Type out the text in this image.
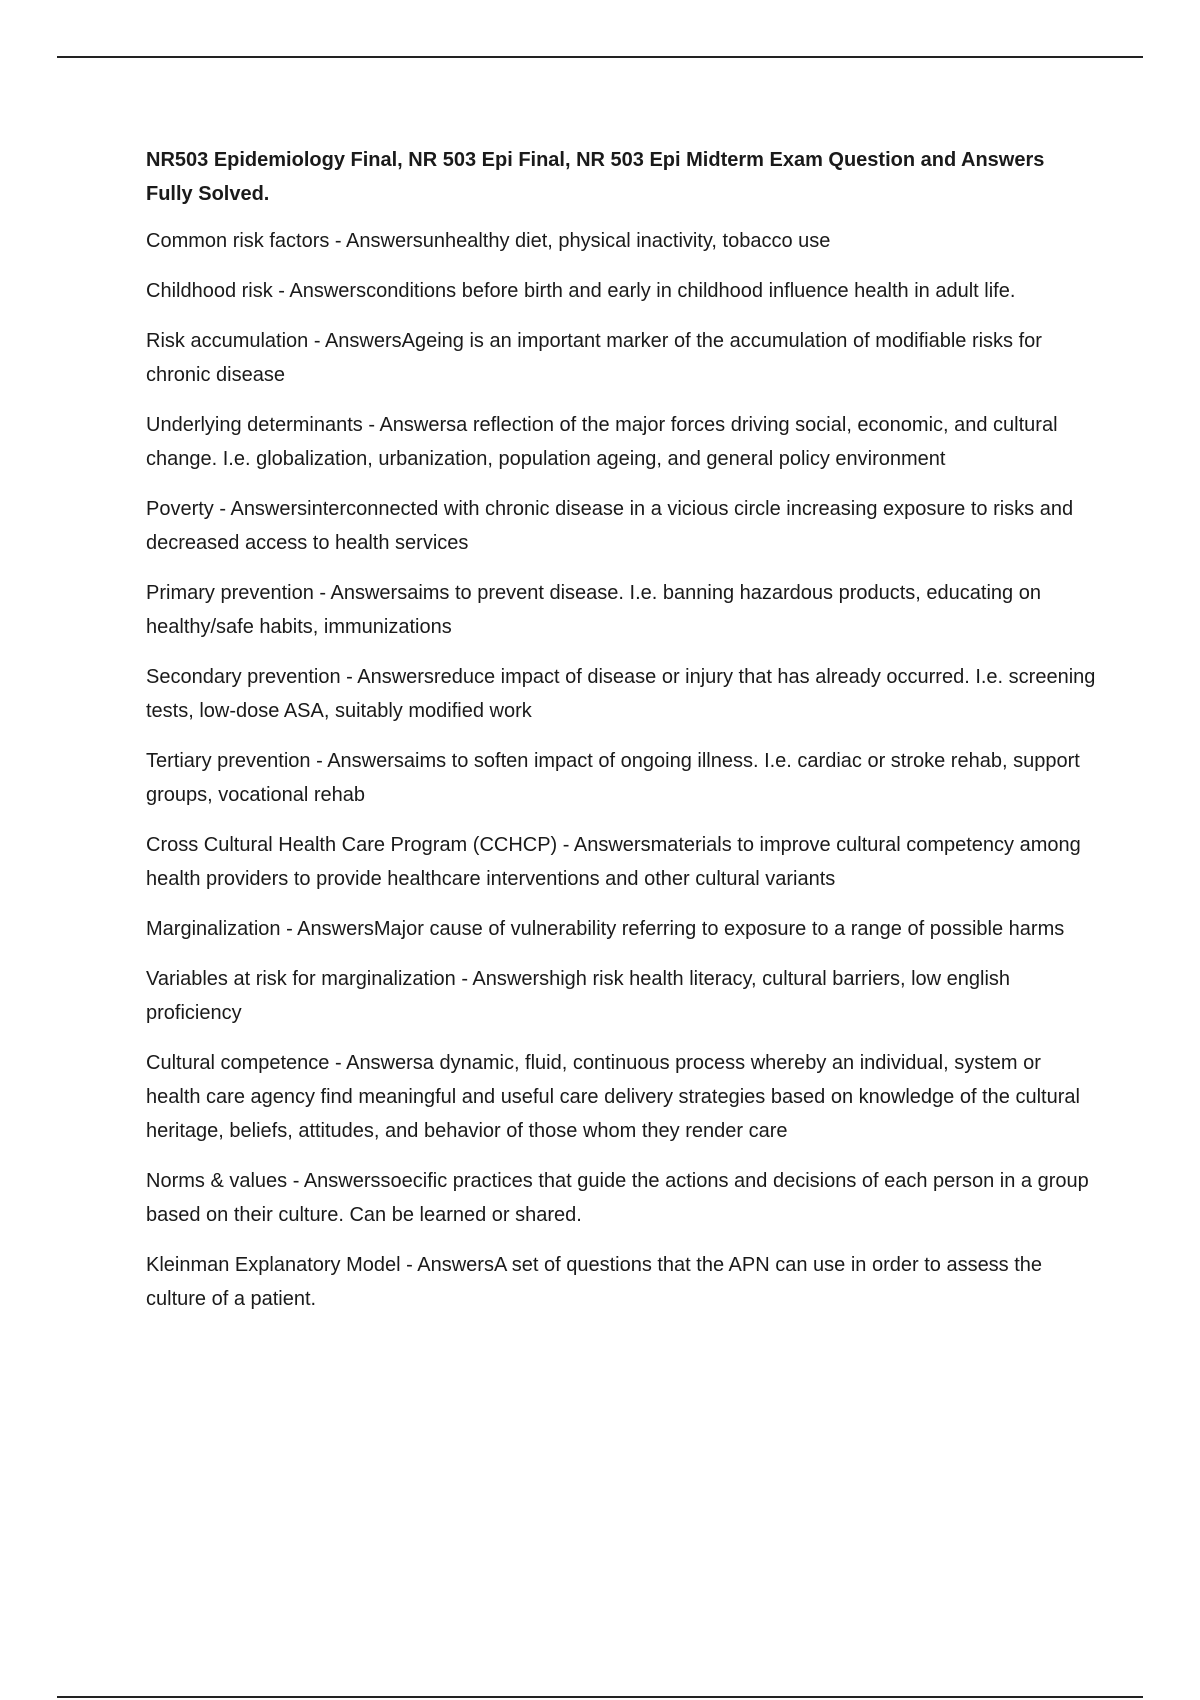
NR503 Epidemiology Final, NR 503 Epi Final, NR 503 Epi Midterm Exam Question and Answers Fully Solved.

Common risk factors - Answersunhealthy diet, physical inactivity, tobacco use

Childhood risk - Answersconditions before birth and early in childhood influence health in adult life.

Risk accumulation - AnswersAgeing is an important marker of the accumulation of modifiable risks for chronic disease

Underlying determinants - Answersa reflection of the major forces driving social, economic, and cultural change. I.e. globalization, urbanization, population ageing, and general policy environment

Poverty - Answersinterconnected with chronic disease in a vicious circle increasing exposure to risks and decreased access to health services

Primary prevention - Answersaims to prevent disease. I.e. banning hazardous products, educating on healthy/safe habits, immunizations

Secondary prevention - Answersreduce impact of disease or injury that has already occurred. I.e. screening tests, low-dose ASA, suitably modified work

Tertiary prevention - Answersaims to soften impact of ongoing illness. I.e. cardiac or stroke rehab, support groups, vocational rehab

Cross Cultural Health Care Program (CCHCP) - Answersmaterials to improve cultural competency among health providers to provide healthcare interventions and other cultural variants

Marginalization - AnswersMajor cause of vulnerability referring to exposure to a range of possible harms

Variables at risk for marginalization - Answershigh risk health literacy, cultural barriers, low english proficiency

Cultural competence - Answersa dynamic, fluid, continuous process whereby an individual, system or health care agency find meaningful and useful care delivery strategies based on knowledge of the cultural heritage, beliefs, attitudes, and behavior of those whom they render care

Norms & values - Answerssoecific practices that guide the actions and decisions of each person in a group based on their culture. Can be learned or shared.

Kleinman Explanatory Model - AnswersA set of questions that the APN can use in order to assess the culture of a patient.
